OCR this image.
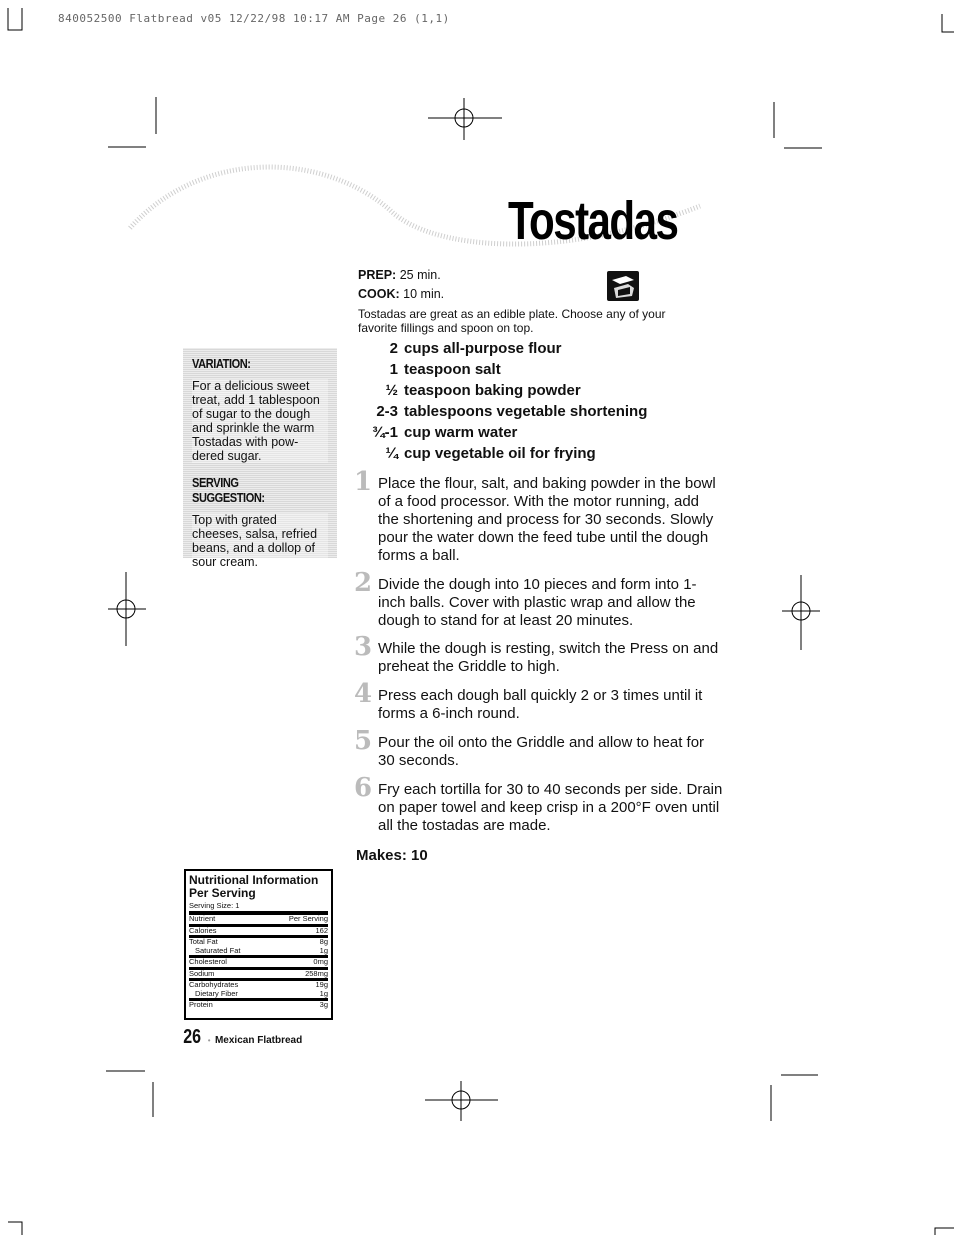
840052500 Flatbread v05 12/22/98 10:17 AM Page 26 (1,1)
Tostadas
PREP: 25 min.
COOK: 10 min.
Tostadas are great as an edible plate. Choose any of your favorite fillings and spoon on top.
2 cups all-purpose flour
1 teaspoon salt
½ teaspoon baking powder
2-3 tablespoons vegetable shortening
¾-1 cup warm water
¼ cup vegetable oil for frying
1 Place the flour, salt, and baking powder in the bowl of a food processor. With the motor running, add the shortening and process for 30 seconds. Slowly pour the water down the feed tube until the dough forms a ball.
2 Divide the dough into 10 pieces and form into 1-inch balls. Cover with plastic wrap and allow the dough to stand for at least 20 minutes.
3 While the dough is resting, switch the Press on and preheat the Griddle to high.
4 Press each dough ball quickly 2 or 3 times until it forms a 6-inch round.
5 Pour the oil onto the Griddle and allow to heat for 30 seconds.
6 Fry each tortilla for 30 to 40 seconds per side. Drain on paper towel and keep crisp in a 200°F oven until all the tostadas are made.
Makes: 10

VARIATION:

For a delicious sweet treat, add 1 tablespoon of sugar to the dough and sprinkle the warm Tostadas with pow-dered sugar.

SERVING SUGGESTION:

Top with grated cheeses, salsa, refried beans, and a dollop of sour cream.

Nutritional Information Per Serving

Serving Size: 1

Nutrient	Per Serving
Calories	162
Total Fat	8g
Saturated Fat	1g
Cholesterol	0mg
Sodium	258mg
Carbohydrates	19g
Dietary Fiber	1g
Protein	3g
26 • Mexican Flatbread
